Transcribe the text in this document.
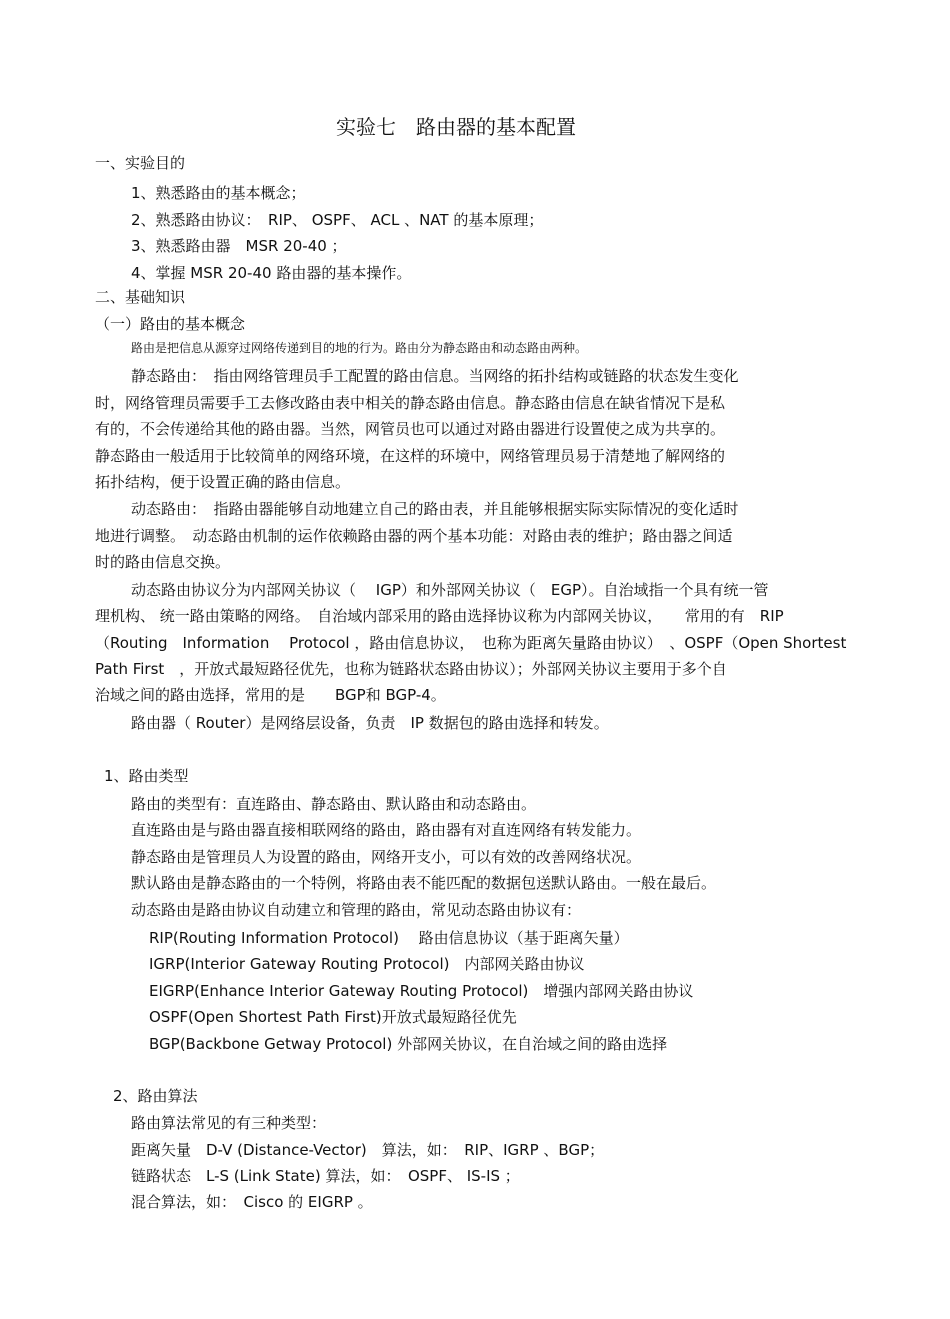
实验七　路由器的基本配置
一、实验目的
1、熟悉路由的基本概念；
2、熟悉路由协议：　RIP、 OSPF、 ACL 、NAT 的基本原理；
3、熟悉路由器　MSR 20-40 ；
4、掌握 MSR 20-40 路由器的基本操作。
二、基础知识
（一）路由的基本概念
路由是把信息从源穿过网络传递到目的地的行为。路由分为静态路由和动态路由两种。
静态路由：　指由网络管理员手工配置的路由信息。当网络的拓扑结构或链路的状态发生变化
时，网络管理员需要手工去修改路由表中相关的静态路由信息。静态路由信息在缺省情况下是私
有的，不会传递给其他的路由器。当然，网管员也可以通过对路由器进行设置使之成为共享的。
静态路由一般适用于比较简单的网络环境，在这样的环境中，网络管理员易于清楚地了解网络的
拓扑结构，便于设置正确的路由信息。
动态路由：　指路由器能够自动地建立自己的路由表，并且能够根据实际实际情况的变化适时
地进行调整。　动态路由机制的运作依赖路由器的两个基本功能：对路由表的维护；路由器之间适
时的路由信息交换。
动态路由协议分为内部网关协议（　 IGP）和外部网关协议（　EGP）。自治域指一个具有统一管
理机构、 统一路由策略的网络。　自治域内部采用的路由选择协议称为内部网关协议，　　常用的有　RIP
（Routing　Information　 Protocol ，路由信息协议，　也称为距离矢量路由协议）　、OSPF（Open Shortest
Path First　，开放式最短路径优先，也称为链路状态路由协议）；外部网关协议主要用于多个自
治域之间的路由选择，常用的是　　BGP和 BGP-4。
路由器（ Router）是网络层设备，负责　IP 数据包的路由选择和转发。
1、路由类型
路由的类型有：直连路由、静态路由、默认路由和动态路由。
直连路由是与路由器直接相联网络的路由，路由器有对直连网络有转发能力。
静态路由是管理员人为设置的路由，网络开支小，可以有效的改善网络状况。
默认路由是静态路由的一个特例，将路由表不能匹配的数据包送默认路由。一般在最后。
动态路由是路由协议自动建立和管理的路由，常见动态路由协议有：
RIP(Routing Information Protocol)　 路由信息协议（基于距离矢量）
IGRP(Interior Gateway Routing Protocol)　内部网关路由协议
EIGRP(Enhance Interior Gateway Routing Protocol)　增强内部网关路由协议
OSPF(Open Shortest Path First)开放式最短路径优先
BGP(Backbone Getway Protocol) 外部网关协议，在自治域之间的路由选择
2、路由算法
路由算法常见的有三种类型：
距离矢量　D-V (Distance-Vector)　算法，如：　RIP、IGRP 、BGP；
链路状态　L-S (Link State) 算法，如：　OSPF、 IS-IS ；
混合算法，如：　Cisco 的 EIGRP 。
